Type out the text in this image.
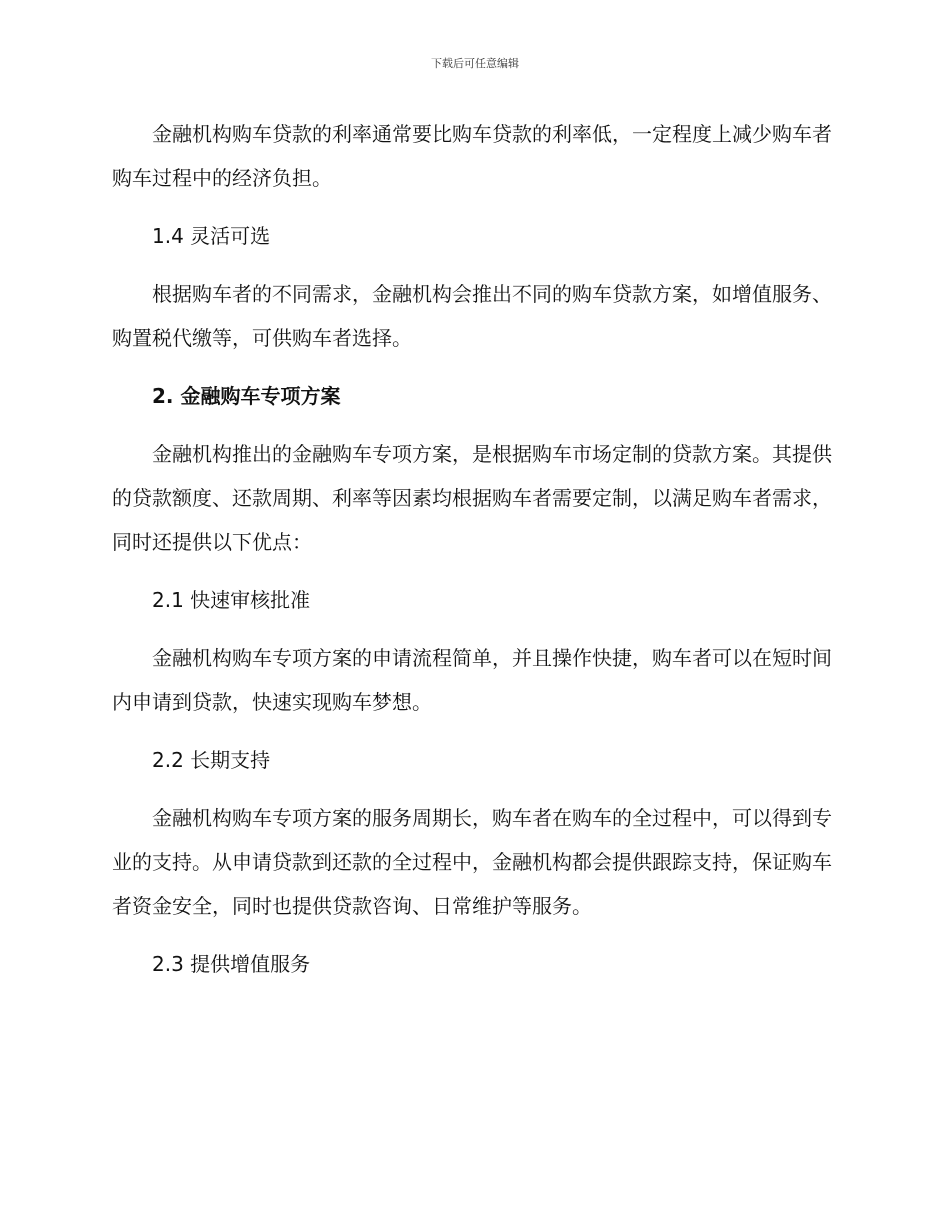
下载后可任意编辑

金融机构购车贷款的利率通常要比购车贷款的利率低，一定程度上减少购车者购车过程中的经济负担。

1.4 灵活可选

根据购车者的不同需求，金融机构会推出不同的购车贷款方案，如增值服务、购置税代缴等，可供购车者选择。

2. 金融购车专项方案

金融机构推出的金融购车专项方案，是根据购车市场定制的贷款方案。其提供的贷款额度、还款周期、利率等因素均根据购车者需要定制，以满足购车者需求，同时还提供以下优点：

2.1 快速审核批准

金融机构购车专项方案的申请流程简单，并且操作快捷，购车者可以在短时间内申请到贷款，快速实现购车梦想。

2.2 长期支持

金融机构购车专项方案的服务周期长，购车者在购车的全过程中，可以得到专业的支持。从申请贷款到还款的全过程中，金融机构都会提供跟踪支持，保证购车者资金安全，同时也提供贷款咨询、日常维护等服务。

2.3 提供增值服务
